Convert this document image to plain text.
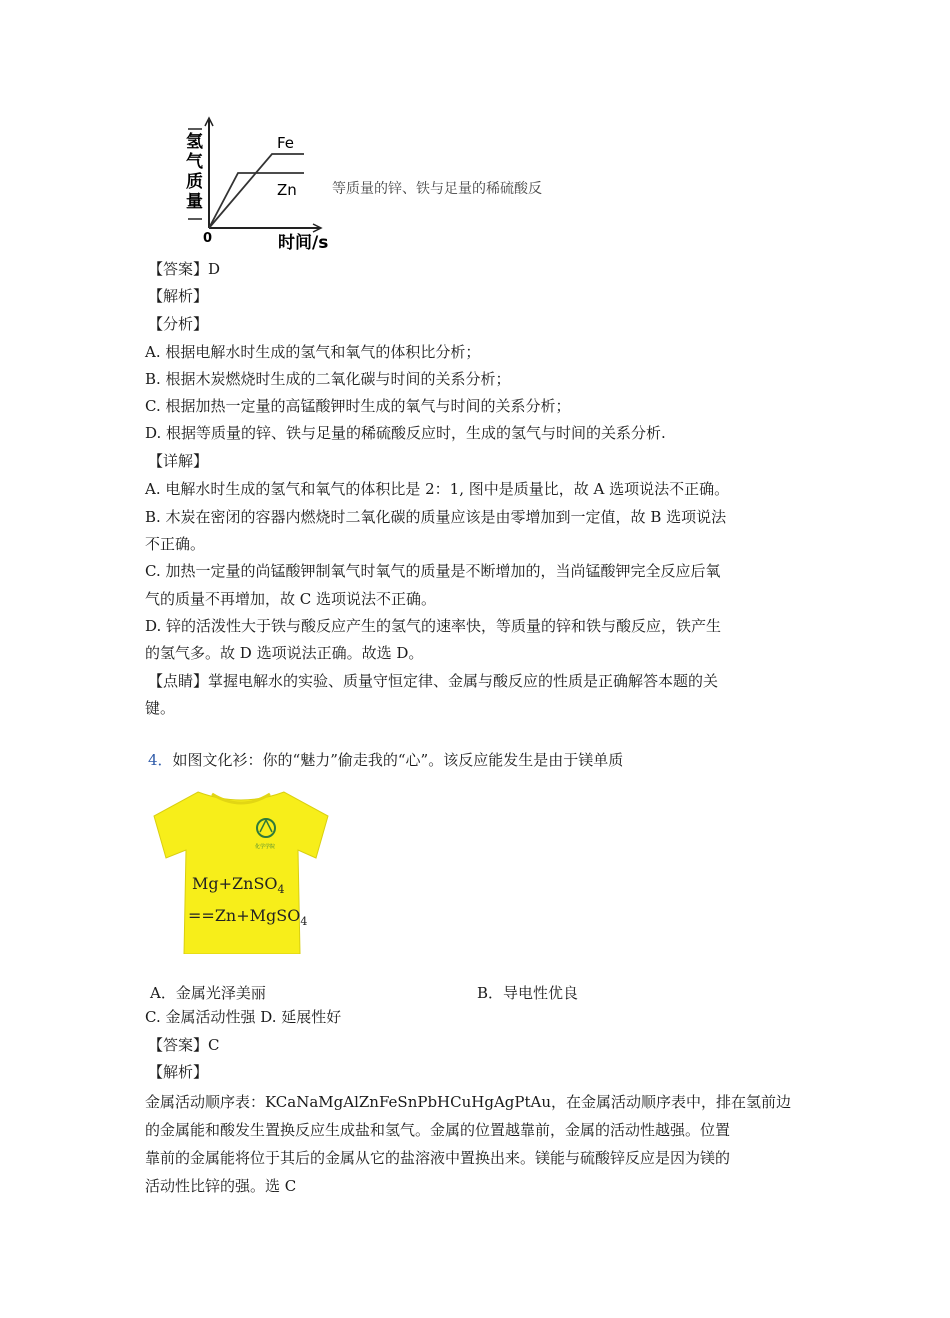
氢
气
质
量
Fe
Zn
0	时间/s
等质量的锌、铁与足量的稀硫酸反
【答案】D
【解析】
【分析】
A. 根据电解水时生成的氢气和氧气的体积比分析；
B. 根据木炭燃烧时生成的二氧化碳与时间的关系分析；
C. 根据加热一定量的高锰酸钾时生成的氧气与时间的关系分析；
D. 根据等质量的锌、铁与足量的稀硫酸反应时，生成的氢气与时间的关系分析.
【详解】
A. 电解水时生成的氢气和氧气的体积比是 2：1, 图中是质量比，故 A 选项说法不正确。
B. 木炭在密闭的容器内燃烧时二氧化碳的质量应该是由零增加到一定值，故 B 选项说法
不正确。
C. 加热一定量的尚锰酸钾制氧气时氧气的质量是不断增加的，当尚锰酸钾完全反应后氧
气的质量不再增加，故 C 选项说法不正确。
D. 锌的活泼性大于铁与酸反应产生的氢气的速率快，等质量的锌和铁与酸反应，铁产生
的氢气多。故 D 选项说法正确。故选 D。
【点睛】掌握电解水的实验、质量守恒定律、金属与酸反应的性质是正确解答本题的关
键。
4．如图文化衫：你的“魅力”偷走我的“心”。该反应能发生是由于镁单质
化学学院
Mg+ZnSO$_4$
==Zn+MgSO$_4$
A．金属光泽美丽	B．导电性优良
C. 金属活动性强 D. 延展性好
【答案】C
【解析】
金属活动顺序表：KCaNaMgAlZnFeSnPbHCuHgAgPtAu，在金属活动顺序表中，排在氢前边
的金属能和酸发生置换反应生成盐和氢气。金属的位置越靠前，金属的活动性越强。位置
靠前的金属能将位于其后的金属从它的盐溶液中置换出来。镁能与硫酸锌反应是因为镁的
活动性比锌的强。选 C
